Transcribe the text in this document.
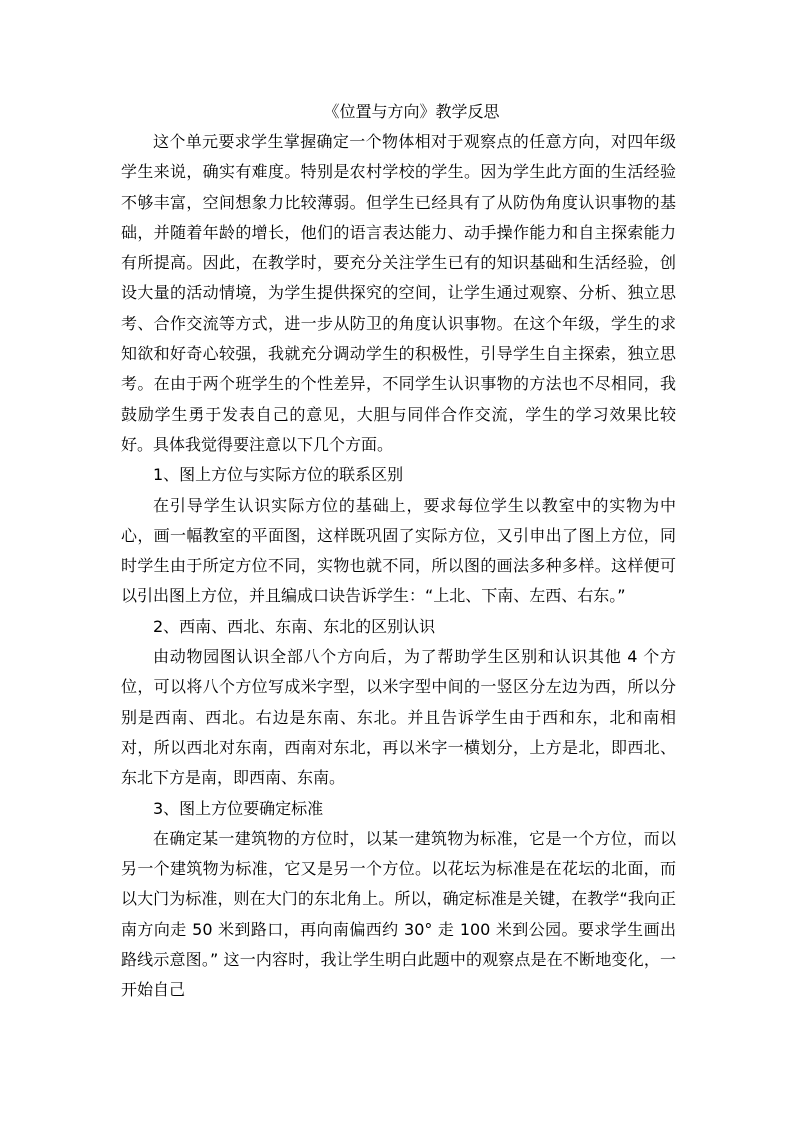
《位置与方向》教学反思

这个单元要求学生掌握确定一个物体相对于观察点的任意方向，对四年级学生来说，确实有难度。特别是农村学校的学生。因为学生此方面的生活经验不够丰富，空间想象力比较薄弱。但学生已经具有了从防伪角度认识事物的基础，并随着年龄的增长，他们的语言表达能力、动手操作能力和自主探索能力有所提高。因此，在教学时，要充分关注学生已有的知识基础和生活经验，创设大量的活动情境，为学生提供探究的空间，让学生通过观察、分析、独立思考、合作交流等方式，进一步从防卫的角度认识事物。在这个年级，学生的求知欲和好奇心较强，我就充分调动学生的积极性，引导学生自主探索，独立思考。在由于两个班学生的个性差异，不同学生认识事物的方法也不尽相同，我鼓励学生勇于发表自己的意见，大胆与同伴合作交流，学生的学习效果比较好。具体我觉得要注意以下几个方面。

1、图上方位与实际方位的联系区别

在引导学生认识实际方位的基础上，要求每位学生以教室中的实物为中心，画一幅教室的平面图，这样既巩固了实际方位，又引申出了图上方位，同时学生由于所定方位不同，实物也就不同，所以图的画法多种多样。这样便可以引出图上方位，并且编成口诀告诉学生：“上北、下南、左西、右东。”

2、西南、西北、东南、东北的区别认识

由动物园图认识全部八个方向后，为了帮助学生区别和认识其他 4 个方位，可以将八个方位写成米字型，以米字型中间的一竖区分左边为西，所以分别是西南、西北。右边是东南、东北。并且告诉学生由于西和东，北和南相对，所以西北对东南，西南对东北，再以米字一横划分，上方是北，即西北、东北下方是南，即西南、东南。

3、图上方位要确定标准

在确定某一建筑物的方位时，以某一建筑物为标准，它是一个方位，而以另一个建筑物为标准，它又是另一个方位。以花坛为标准是在花坛的北面，而以大门为标准，则在大门的东北角上。所以，确定标准是关键，在教学“我向正南方向走 50 米到路口，再向南偏西约 30° 走 100 米到公园。要求学生画出路线示意图。” 这一内容时，我让学生明白此题中的观察点是在不断地变化，一开始自己
